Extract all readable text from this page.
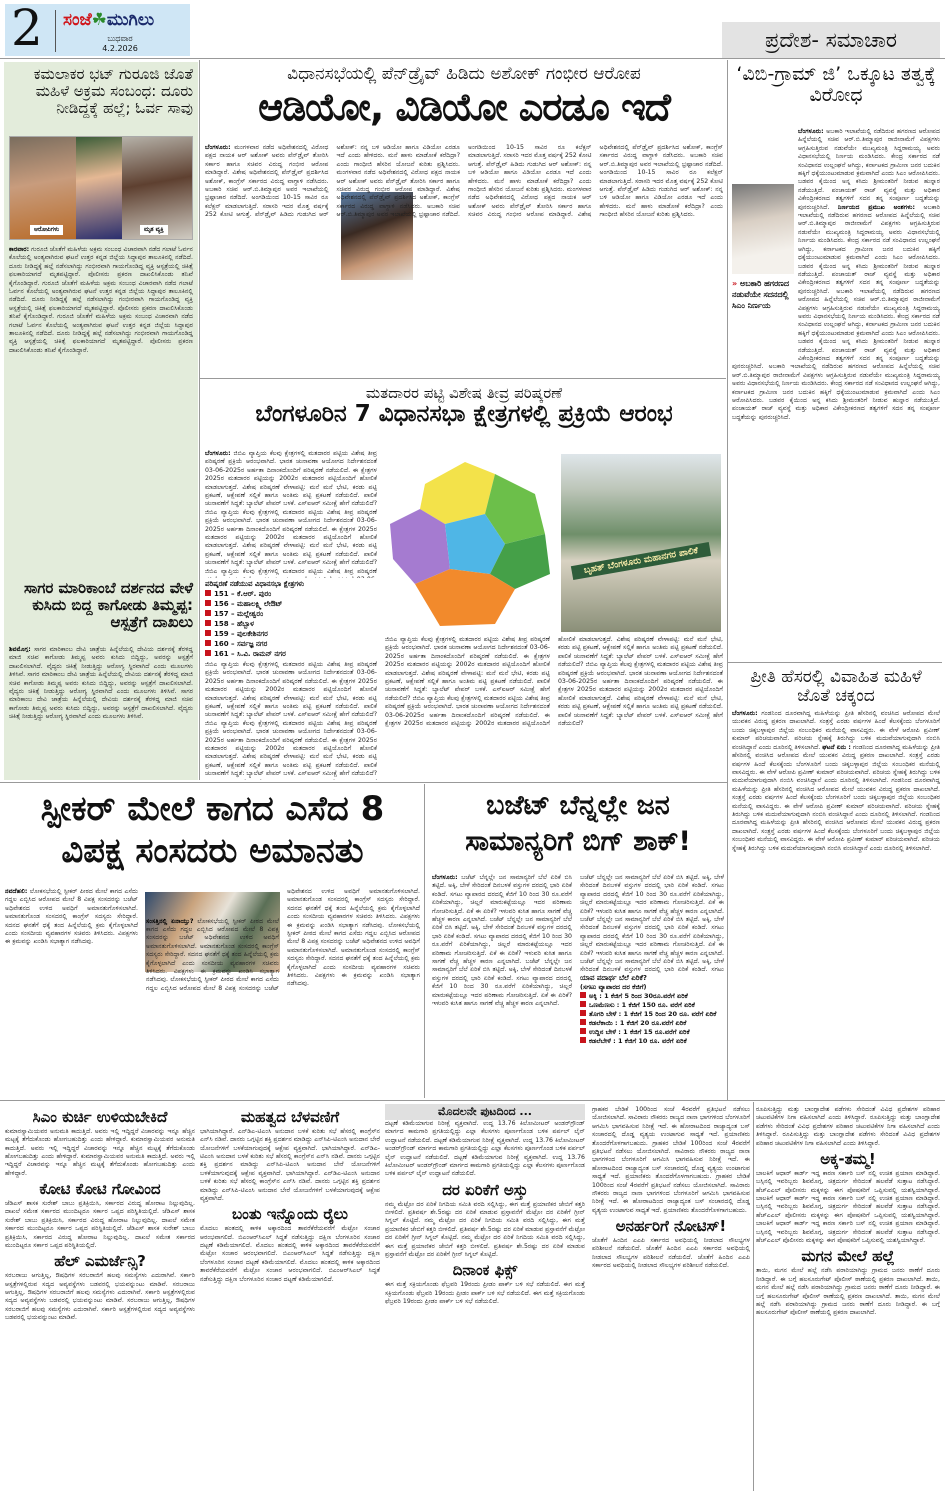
2 ಸಂಜೆ☘ಮುಗಿಲು
ಬುಧವಾರ
4.2.2026	ಪ್ರದೇಶ- ಸಮಾಚಾರ
ಕಮಲಾಕರ ಭಟ್ ಗುರೂಜಿ ಜೊತೆ ಮಹಿಳೆ ಅಕ್ರಮ ಸಂಬಂಧ: ದೂರು ನೀಡಿದ್ದಕ್ಕೆ ಹಲ್ಲೆ; ಓರ್ವ ಸಾವು
ಆರೋಪಿಗಳು	ಮೃತ ವ್ಯಕ್ತಿ
ಕಾರವಾರ: ಗುರೂಜಿ ಜೊತೆಗೆ ಮಹಿಳೆಯ ಅಕ್ರಮ ಸಂಬಂಧ ವಿಚಾರವಾಗಿ ನಡೆದ ಗಲಾಟೆ ಓರ್ವನ ಕೊಲೆಯಲ್ಲಿ ಅಂತ್ಯವಾಗಿರುವ ಘಟನೆ ಉತ್ತರ ಕನ್ನಡ ಜಿಲ್ಲೆಯ ಸಿದ್ದಾಪುರ ತಾಲೂಕಿನಲ್ಲಿ ನಡೆದಿದೆ. ದೂರು ನೀಡಿದ್ದಕ್ಕೆ ಹಲ್ಲೆ ನಡೆಸಲಾಗಿದ್ದು ಗಂಭೀರವಾಗಿ ಗಾಯಗೊಂಡಿದ್ದ ವ್ಯಕ್ತಿ ಆಸ್ಪತ್ರೆಯಲ್ಲಿ ಚಿಕಿತ್ಸೆ ಫಲಕಾರಿಯಾಗದೆ ಮೃತಪಟ್ಟಿದ್ದಾರೆ. ಪೊಲೀಸರು ಪ್ರಕರಣ ದಾಖಲಿಸಿಕೊಂಡು ತನಿಖೆ ಕೈಗೊಂಡಿದ್ದಾರೆ. ಗುರೂಜಿ ಜೊತೆಗೆ ಮಹಿಳೆಯ ಅಕ್ರಮ ಸಂಬಂಧ ವಿಚಾರವಾಗಿ ನಡೆದ ಗಲಾಟೆ ಓರ್ವನ ಕೊಲೆಯಲ್ಲಿ ಅಂತ್ಯವಾಗಿರುವ ಘಟನೆ ಉತ್ತರ ಕನ್ನಡ ಜಿಲ್ಲೆಯ ಸಿದ್ದಾಪುರ ತಾಲೂಕಿನಲ್ಲಿ ನಡೆದಿದೆ. ದೂರು ನೀಡಿದ್ದಕ್ಕೆ ಹಲ್ಲೆ ನಡೆಸಲಾಗಿದ್ದು ಗಂಭೀರವಾಗಿ ಗಾಯಗೊಂಡಿದ್ದ ವ್ಯಕ್ತಿ ಆಸ್ಪತ್ರೆಯಲ್ಲಿ ಚಿಕಿತ್ಸೆ ಫಲಕಾರಿಯಾಗದೆ ಮೃತಪಟ್ಟಿದ್ದಾರೆ. ಪೊಲೀಸರು ಪ್ರಕರಣ ದಾಖಲಿಸಿಕೊಂಡು ತನಿಖೆ ಕೈಗೊಂಡಿದ್ದಾರೆ. ಗುರೂಜಿ ಜೊತೆಗೆ ಮಹಿಳೆಯ ಅಕ್ರಮ ಸಂಬಂಧ ವಿಚಾರವಾಗಿ ನಡೆದ ಗಲಾಟೆ ಓರ್ವನ ಕೊಲೆಯಲ್ಲಿ ಅಂತ್ಯವಾಗಿರುವ ಘಟನೆ ಉತ್ತರ ಕನ್ನಡ ಜಿಲ್ಲೆಯ ಸಿದ್ದಾಪುರ ತಾಲೂಕಿನಲ್ಲಿ ನಡೆದಿದೆ. ದೂರು ನೀಡಿದ್ದಕ್ಕೆ ಹಲ್ಲೆ ನಡೆಸಲಾಗಿದ್ದು ಗಂಭೀರವಾಗಿ ಗಾಯಗೊಂಡಿದ್ದ ವ್ಯಕ್ತಿ ಆಸ್ಪತ್ರೆಯಲ್ಲಿ ಚಿಕಿತ್ಸೆ ಫಲಕಾರಿಯಾಗದೆ ಮೃತಪಟ್ಟಿದ್ದಾರೆ. ಪೊಲೀಸರು ಪ್ರಕರಣ ದಾಖಲಿಸಿಕೊಂಡು ತನಿಖೆ ಕೈಗೊಂಡಿದ್ದಾರೆ.
ಸಾಗರ ಮಾರಿಕಾಂಬೆ ದರ್ಶನದ ವೇಳೆ ಕುಸಿದು ಬಿದ್ದ ಕಾಗೋಡು ತಿಮ್ಮಪ್ಪ: ಆಸ್ಪತ್ರೆಗೆ ದಾಖಲು
ಶಿವಮೊಗ್ಗ: ಸಾಗರ ಮಾರಿಕಾಂಬ ದೇವಿ ಜಾತ್ರೆಯ ಹಿನ್ನೆಲೆಯಲ್ಲಿ ದೇವಿಯ ದರ್ಶನಕ್ಕೆ ತೆರಳಿದ್ದ ಮಾಜಿ ಸಚಿವ ಕಾಗೋಡು ತಿಮ್ಮಪ್ಪ ಅವರು ಕುಸಿದು ಬಿದ್ದಿದ್ದು, ಅವರನ್ನು ಆಸ್ಪತ್ರೆಗೆ ದಾಖಲಿಸಲಾಗಿದೆ. ವೈದ್ಯರು ಚಿಕಿತ್ಸೆ ನೀಡುತ್ತಿದ್ದು ಆರೋಗ್ಯ ಸ್ಥಿರವಾಗಿದೆ ಎಂದು ಮೂಲಗಳು ತಿಳಿಸಿವೆ. ಸಾಗರ ಮಾರಿಕಾಂಬ ದೇವಿ ಜಾತ್ರೆಯ ಹಿನ್ನೆಲೆಯಲ್ಲಿ ದೇವಿಯ ದರ್ಶನಕ್ಕೆ ತೆರಳಿದ್ದ ಮಾಜಿ ಸಚಿವ ಕಾಗೋಡು ತಿಮ್ಮಪ್ಪ ಅವರು ಕುಸಿದು ಬಿದ್ದಿದ್ದು, ಅವರನ್ನು ಆಸ್ಪತ್ರೆಗೆ ದಾಖಲಿಸಲಾಗಿದೆ. ವೈದ್ಯರು ಚಿಕಿತ್ಸೆ ನೀಡುತ್ತಿದ್ದು ಆರೋಗ್ಯ ಸ್ಥಿರವಾಗಿದೆ ಎಂದು ಮೂಲಗಳು ತಿಳಿಸಿವೆ. ಸಾಗರ ಮಾರಿಕಾಂಬ ದೇವಿ ಜಾತ್ರೆಯ ಹಿನ್ನೆಲೆಯಲ್ಲಿ ದೇವಿಯ ದರ್ಶನಕ್ಕೆ ತೆರಳಿದ್ದ ಮಾಜಿ ಸಚಿವ ಕಾಗೋಡು ತಿಮ್ಮಪ್ಪ ಅವರು ಕುಸಿದು ಬಿದ್ದಿದ್ದು, ಅವರನ್ನು ಆಸ್ಪತ್ರೆಗೆ ದಾಖಲಿಸಲಾಗಿದೆ. ವೈದ್ಯರು ಚಿಕಿತ್ಸೆ ನೀಡುತ್ತಿದ್ದು ಆರೋಗ್ಯ ಸ್ಥಿರವಾಗಿದೆ ಎಂದು ಮೂಲಗಳು ತಿಳಿಸಿವೆ.
ವಿಧಾನಸಭೆಯಲ್ಲಿ ಪೆನ್‌ಡ್ರೈವ್ ಹಿಡಿದು ಅಶೋಕ್ ಗಂಭೀರ ಆರೋಪ
ಆಡಿಯೋ, ವಿಡಿಯೋ ಎರಡೂ ಇದೆ
ಬೆಂಗಳೂರು: ಮಂಗಳವಾರ ನಡೆದ ಅಧಿವೇಶನದಲ್ಲಿ ವಿರೋಧ ಪಕ್ಷದ ನಾಯಕ ಆರ್ ಅಶೋಕ್ ಅವರು ಪೆನ್‌ಡ್ರೈವ್ ತೋರಿಸಿ ಸರ್ಕಾರ ಹಾಗೂ ಸಚಿವರ ವಿರುದ್ಧ ಗಂಭೀರ ಆರೋಪ ಮಾಡಿದ್ದಾರೆ. ವಿಶೇಷ ಅಧಿವೇಶನದಲ್ಲಿ ಪೆನ್‌ಡ್ರೈವ್ ಪ್ರದರ್ಶಿಸಿದ ಅಶೋಕ್, ಕಾಂಗ್ರೆಸ್ ಸರ್ಕಾರದ ವಿರುದ್ಧ ವಾಗ್ದಾಳಿ ನಡೆಸಿದರು. ಅಬಕಾರಿ ಸಚಿವ ಆರ್.ಬಿ.ತಿಮ್ಮಾಪುರ ಅವರ ಇಲಾಖೆಯಲ್ಲಿ ಭ್ರಷ್ಟಾಚಾರ ನಡೆದಿದೆ. ಅಂಗಡಿಯಿಂದ 10-15 ಸಾವಿರ ರೂ ಕಲೆಕ್ಷನ್ ಮಾಡಲಾಗುತ್ತಿದೆ. ಸರಾಸರಿ ಇದರ ಮೊತ್ತ ವರ್ಷಕ್ಕೆ 252 ಕೋಟಿ ಆಗುತ್ತೆ. ಪೆನ್‌ಡ್ರೈವ್ ಹಿಡಿದು ಗುಡುಗಿದ ಆರ್ ಅಶೋಕ್: ನನ್ನ ಬಳಿ ಆಡಿಯೋ ಹಾಗೂ ವಿಡಿಯೋ ಎರಡೂ ಇದೆ ಎಂದು ಹೇಳಿದರು. ಮನೆ ಹಾಳು ಮಾಡೋಕೆ ಕರೆದಿದ್ರಾ? ಎಂದು ಗಾಂಧೀಜಿ ಹೆಸರಿನ ಯೋಜನೆ ಕುರಿತು ಪ್ರಶ್ನಿಸಿದರು. ಮಂಗಳವಾರ ನಡೆದ ಅಧಿವೇಶನದಲ್ಲಿ ವಿರೋಧ ಪಕ್ಷದ ನಾಯಕ ಆರ್ ಅಶೋಕ್ ಅವರು ಪೆನ್‌ಡ್ರೈವ್ ತೋರಿಸಿ ಸರ್ಕಾರ ಹಾಗೂ ಸಚಿವರ ವಿರುದ್ಧ ಗಂಭೀರ ಆರೋಪ ಮಾಡಿದ್ದಾರೆ. ವಿಶೇಷ ಅಧಿವೇಶನದಲ್ಲಿ ಪೆನ್‌ಡ್ರೈವ್ ಪ್ರದರ್ಶಿಸಿದ ಅಶೋಕ್, ಕಾಂಗ್ರೆಸ್ ಸರ್ಕಾರದ ವಿರುದ್ಧ ವಾಗ್ದಾಳಿ ನಡೆಸಿದರು. ಅಬಕಾರಿ ಸಚಿವ ಆರ್.ಬಿ.ತಿಮ್ಮಾಪುರ ಅವರ ಇಲಾಖೆಯಲ್ಲಿ ಭ್ರಷ್ಟಾಚಾರ ನಡೆದಿದೆ. ಅಂಗಡಿಯಿಂದ 10-15 ಸಾವಿರ ರೂ ಕಲೆಕ್ಷನ್ ಮಾಡಲಾಗುತ್ತಿದೆ. ಸರಾಸರಿ ಇದರ ಮೊತ್ತ ವರ್ಷಕ್ಕೆ 252 ಕೋಟಿ ಆಗುತ್ತೆ. ಪೆನ್‌ಡ್ರೈವ್ ಹಿಡಿದು ಗುಡುಗಿದ ಆರ್ ಅಶೋಕ್: ನನ್ನ ಬಳಿ ಆಡಿಯೋ ಹಾಗೂ ವಿಡಿಯೋ ಎರಡೂ ಇದೆ ಎಂದು ಹೇಳಿದರು. ಮನೆ ಹಾಳು ಮಾಡೋಕೆ ಕರೆದಿದ್ರಾ? ಎಂದು ಗಾಂಧೀಜಿ ಹೆಸರಿನ ಯೋಜನೆ ಕುರಿತು ಪ್ರಶ್ನಿಸಿದರು. ಮಂಗಳವಾರ ನಡೆದ ಅಧಿವೇಶನದಲ್ಲಿ ವಿರೋಧ ಪಕ್ಷದ ನಾಯಕ ಆರ್ ಅಶೋಕ್ ಅವರು ಪೆನ್‌ಡ್ರೈವ್ ತೋರಿಸಿ ಸರ್ಕಾರ ಹಾಗೂ ಸಚಿವರ ವಿರುದ್ಧ ಗಂಭೀರ ಆರೋಪ ಮಾಡಿದ್ದಾರೆ. ವಿಶೇಷ ಅಧಿವೇಶನದಲ್ಲಿ ಪೆನ್‌ಡ್ರೈವ್ ಪ್ರದರ್ಶಿಸಿದ ಅಶೋಕ್, ಕಾಂಗ್ರೆಸ್ ಸರ್ಕಾರದ ವಿರುದ್ಧ ವಾಗ್ದಾಳಿ ನಡೆಸಿದರು. ಅಬಕಾರಿ ಸಚಿವ ಆರ್.ಬಿ.ತಿಮ್ಮಾಪುರ ಅವರ ಇಲಾಖೆಯಲ್ಲಿ ಭ್ರಷ್ಟಾಚಾರ ನಡೆದಿದೆ. ಅಂಗಡಿಯಿಂದ 10-15 ಸಾವಿರ ರೂ ಕಲೆಕ್ಷನ್ ಮಾಡಲಾಗುತ್ತಿದೆ. ಸರಾಸರಿ ಇದರ ಮೊತ್ತ ವರ್ಷಕ್ಕೆ 252 ಕೋಟಿ ಆಗುತ್ತೆ. ಪೆನ್‌ಡ್ರೈವ್ ಹಿಡಿದು ಗುಡುಗಿದ ಆರ್ ಅಶೋಕ್: ನನ್ನ ಬಳಿ ಆಡಿಯೋ ಹಾಗೂ ವಿಡಿಯೋ ಎರಡೂ ಇದೆ ಎಂದು ಹೇಳಿದರು. ಮನೆ ಹಾಳು ಮಾಡೋಕೆ ಕರೆದಿದ್ರಾ? ಎಂದು ಗಾಂಧೀಜಿ ಹೆಸರಿನ ಯೋಜನೆ ಕುರಿತು ಪ್ರಶ್ನಿಸಿದರು.
‘ವಿಬಿ-ಗ್ರಾಮ್ ಜಿ’ ಒಕ್ಕೂಟ ತತ್ವಕ್ಕೆ ವಿರೋಧ
» ಅಬಕಾರಿ ಹಗರಣದ ನಡುವೆಯೇ ಸದನದಲ್ಲಿ ಸಿಎಂ ನಿರ್ಣಯ
ಬೆಂಗಳೂರು: ಅಬಕಾರಿ ಇಲಾಖೆಯಲ್ಲಿ ನಡೆದಿರುವ ಹಗರಣದ ಆರೋಪದ ಹಿನ್ನೆಲೆಯಲ್ಲಿ ಸಚಿವ ಆರ್.ಬಿ.ತಿಮ್ಮಾಪುರ ರಾಜೀನಾಮೆಗೆ ವಿಪಕ್ಷಗಳು ಆಗ್ರಹಿಸುತ್ತಿರುವ ನಡುವೆಯೇ ಮುಖ್ಯಮಂತ್ರಿ ಸಿದ್ದರಾಮಯ್ಯ ಅವರು ವಿಧಾನಸಭೆಯಲ್ಲಿ ನಿರ್ಣಯ ಮಂಡಿಸಿದರು. ಕೇಂದ್ರ ಸರ್ಕಾರದ ನಡೆ ಸಂವಿಧಾನದ ಉಲ್ಲಂಘನೆ ಆಗಿದ್ದು, ಕರ್ನಾಟಕದ ಗ್ರಾಮೀಣ ಜನರ ಬದುಕಿನ ಹಕ್ಕಿಗೆ ಧಕ್ಕೆಯುಂಟುಮಾಡುವ ಕ್ರಮವಾಗಿದೆ ಎಂದು ಸಿಎಂ ಆರೋಪಿಸಿದರು. ಬಡವರ ಕೈಯಿಂದ ಅನ್ನ ಕಸಿದು ಶ್ರೀಮಂತರಿಗೆ ನೀಡುವ ಹುನ್ನಾರ ನಡೆಯುತ್ತಿದೆ. ಪಂಚಾಯತ್ ರಾಜ್ ವ್ಯವಸ್ಥೆ ಮತ್ತು ಅಧಿಕಾರ ವಿಕೇಂದ್ರೀಕರಣದ ತತ್ವಗಳಿಗೆ ಸದನ ತನ್ನ ಸಂಪೂರ್ಣ ಬದ್ಧತೆಯನ್ನು ಪುನರುಚ್ಚರಿಸಿದೆ. ನಿರ್ಣಯದ ಪ್ರಮುಖ ಅಂಶಗಳು: ಅಬಕಾರಿ ಇಲಾಖೆಯಲ್ಲಿ ನಡೆದಿರುವ ಹಗರಣದ ಆರೋಪದ ಹಿನ್ನೆಲೆಯಲ್ಲಿ ಸಚಿವ ಆರ್.ಬಿ.ತಿಮ್ಮಾಪುರ ರಾಜೀನಾಮೆಗೆ ವಿಪಕ್ಷಗಳು ಆಗ್ರಹಿಸುತ್ತಿರುವ ನಡುವೆಯೇ ಮುಖ್ಯಮಂತ್ರಿ ಸಿದ್ದರಾಮಯ್ಯ ಅವರು ವಿಧಾನಸಭೆಯಲ್ಲಿ ನಿರ್ಣಯ ಮಂಡಿಸಿದರು. ಕೇಂದ್ರ ಸರ್ಕಾರದ ನಡೆ ಸಂವಿಧಾನದ ಉಲ್ಲಂಘನೆ ಆಗಿದ್ದು, ಕರ್ನಾಟಕದ ಗ್ರಾಮೀಣ ಜನರ ಬದುಕಿನ ಹಕ್ಕಿಗೆ ಧಕ್ಕೆಯುಂಟುಮಾಡುವ ಕ್ರಮವಾಗಿದೆ ಎಂದು ಸಿಎಂ ಆರೋಪಿಸಿದರು. ಬಡವರ ಕೈಯಿಂದ ಅನ್ನ ಕಸಿದು ಶ್ರೀಮಂತರಿಗೆ ನೀಡುವ ಹುನ್ನಾರ ನಡೆಯುತ್ತಿದೆ. ಪಂಚಾಯತ್ ರಾಜ್ ವ್ಯವಸ್ಥೆ ಮತ್ತು ಅಧಿಕಾರ ವಿಕೇಂದ್ರೀಕರಣದ ತತ್ವಗಳಿಗೆ ಸದನ ತನ್ನ ಸಂಪೂರ್ಣ ಬದ್ಧತೆಯನ್ನು ಪುನರುಚ್ಚರಿಸಿದೆ. ಅಬಕಾರಿ ಇಲಾಖೆಯಲ್ಲಿ ನಡೆದಿರುವ ಹಗರಣದ ಆರೋಪದ ಹಿನ್ನೆಲೆಯಲ್ಲಿ ಸಚಿವ ಆರ್.ಬಿ.ತಿಮ್ಮಾಪುರ ರಾಜೀನಾಮೆಗೆ ವಿಪಕ್ಷಗಳು ಆಗ್ರಹಿಸುತ್ತಿರುವ ನಡುವೆಯೇ ಮುಖ್ಯಮಂತ್ರಿ ಸಿದ್ದರಾಮಯ್ಯ ಅವರು ವಿಧಾನಸಭೆಯಲ್ಲಿ ನಿರ್ಣಯ ಮಂಡಿಸಿದರು. ಕೇಂದ್ರ ಸರ್ಕಾರದ ನಡೆ ಸಂವಿಧಾನದ ಉಲ್ಲಂಘನೆ ಆಗಿದ್ದು, ಕರ್ನಾಟಕದ ಗ್ರಾಮೀಣ ಜನರ ಬದುಕಿನ ಹಕ್ಕಿಗೆ ಧಕ್ಕೆಯುಂಟುಮಾಡುವ ಕ್ರಮವಾಗಿದೆ ಎಂದು ಸಿಎಂ ಆರೋಪಿಸಿದರು. ಬಡವರ ಕೈಯಿಂದ ಅನ್ನ ಕಸಿದು ಶ್ರೀಮಂತರಿಗೆ ನೀಡುವ ಹುನ್ನಾರ ನಡೆಯುತ್ತಿದೆ. ಪಂಚಾಯತ್ ರಾಜ್ ವ್ಯವಸ್ಥೆ ಮತ್ತು ಅಧಿಕಾರ ವಿಕೇಂದ್ರೀಕರಣದ ತತ್ವಗಳಿಗೆ ಸದನ ತನ್ನ ಸಂಪೂರ್ಣ ಬದ್ಧತೆಯನ್ನು ಪುನರುಚ್ಚರಿಸಿದೆ. ಅಬಕಾರಿ ಇಲಾಖೆಯಲ್ಲಿ ನಡೆದಿರುವ ಹಗರಣದ ಆರೋಪದ ಹಿನ್ನೆಲೆಯಲ್ಲಿ ಸಚಿವ ಆರ್.ಬಿ.ತಿಮ್ಮಾಪುರ ರಾಜೀನಾಮೆಗೆ ವಿಪಕ್ಷಗಳು ಆಗ್ರಹಿಸುತ್ತಿರುವ ನಡುವೆಯೇ ಮುಖ್ಯಮಂತ್ರಿ ಸಿದ್ದರಾಮಯ್ಯ ಅವರು ವಿಧಾನಸಭೆಯಲ್ಲಿ ನಿರ್ಣಯ ಮಂಡಿಸಿದರು. ಕೇಂದ್ರ ಸರ್ಕಾರದ ನಡೆ ಸಂವಿಧಾನದ ಉಲ್ಲಂಘನೆ ಆಗಿದ್ದು, ಕರ್ನಾಟಕದ ಗ್ರಾಮೀಣ ಜನರ ಬದುಕಿನ ಹಕ್ಕಿಗೆ ಧಕ್ಕೆಯುಂಟುಮಾಡುವ ಕ್ರಮವಾಗಿದೆ ಎಂದು ಸಿಎಂ ಆರೋಪಿಸಿದರು. ಬಡವರ ಕೈಯಿಂದ ಅನ್ನ ಕಸಿದು ಶ್ರೀಮಂತರಿಗೆ ನೀಡುವ ಹುನ್ನಾರ ನಡೆಯುತ್ತಿದೆ. ಪಂಚಾಯತ್ ರಾಜ್ ವ್ಯವಸ್ಥೆ ಮತ್ತು ಅಧಿಕಾರ ವಿಕೇಂದ್ರೀಕರಣದ ತತ್ವಗಳಿಗೆ ಸದನ ತನ್ನ ಸಂಪೂರ್ಣ ಬದ್ಧತೆಯನ್ನು ಪುನರುಚ್ಚರಿಸಿದೆ.
ಪ್ರೀತಿ ಹೆಸರಲ್ಲಿ ವಿವಾಹಿತ ಮಹಿಳೆ ಜೊತೆ ಚಕ್ಕಂದ
ಬೆಂಗಳೂರು: ಗಂಡನಿಂದ ದೂರವಾಗಿದ್ದ ಮಹಿಳೆಯನ್ನು ಪ್ರೀತಿ ಹೆಸರಿನಲ್ಲಿ ವಂಚಿಸಿದ ಆರೋಪದ ಮೇಲೆ ಯುವಕನ ವಿರುದ್ಧ ಪ್ರಕರಣ ದಾಖಲಾಗಿದೆ. ಸಂತ್ರಸ್ತೆ ಎರಡು ವರ್ಷಗಳ ಹಿಂದೆ ಕೆಲಸಕ್ಕೆಂದು ಬೆಂಗಳೂರಿಗೆ ಬಂದು ಚಿಕ್ಕಬಳ್ಳಾಪುರ ಜಿಲ್ಲೆಯ ಸಂಬಂಧಿಕರ ಮನೆಯಲ್ಲಿ ವಾಸವಿದ್ದರು. ಈ ವೇಳೆ ಆರೋಪಿ ಪ್ರವೀಣ್ ಕುಮಾರ್ ಪರಿಚಯವಾಗಿದೆ. ಪರಿಚಯ ಸ್ನೇಹಕ್ಕೆ ತಿರುಗಿದ್ದು ಬಳಿಕ ಮದುವೆಯಾಗುವುದಾಗಿ ನಂಬಿಸಿ ವಂಚಿಸಿದ್ದಾನೆ ಎಂದು ದೂರಿನಲ್ಲಿ ತಿಳಿಸಲಾಗಿದೆ. ಘಟನೆ ಏನು : ಗಂಡನಿಂದ ದೂರವಾಗಿದ್ದ ಮಹಿಳೆಯನ್ನು ಪ್ರೀತಿ ಹೆಸರಿನಲ್ಲಿ ವಂಚಿಸಿದ ಆರೋಪದ ಮೇಲೆ ಯುವಕನ ವಿರುದ್ಧ ಪ್ರಕರಣ ದಾಖಲಾಗಿದೆ. ಸಂತ್ರಸ್ತೆ ಎರಡು ವರ್ಷಗಳ ಹಿಂದೆ ಕೆಲಸಕ್ಕೆಂದು ಬೆಂಗಳೂರಿಗೆ ಬಂದು ಚಿಕ್ಕಬಳ್ಳಾಪುರ ಜಿಲ್ಲೆಯ ಸಂಬಂಧಿಕರ ಮನೆಯಲ್ಲಿ ವಾಸವಿದ್ದರು. ಈ ವೇಳೆ ಆರೋಪಿ ಪ್ರವೀಣ್ ಕುಮಾರ್ ಪರಿಚಯವಾಗಿದೆ. ಪರಿಚಯ ಸ್ನೇಹಕ್ಕೆ ತಿರುಗಿದ್ದು ಬಳಿಕ ಮದುವೆಯಾಗುವುದಾಗಿ ನಂಬಿಸಿ ವಂಚಿಸಿದ್ದಾನೆ ಎಂದು ದೂರಿನಲ್ಲಿ ತಿಳಿಸಲಾಗಿದೆ. ಗಂಡನಿಂದ ದೂರವಾಗಿದ್ದ ಮಹಿಳೆಯನ್ನು ಪ್ರೀತಿ ಹೆಸರಿನಲ್ಲಿ ವಂಚಿಸಿದ ಆರೋಪದ ಮೇಲೆ ಯುವಕನ ವಿರುದ್ಧ ಪ್ರಕರಣ ದಾಖಲಾಗಿದೆ. ಸಂತ್ರಸ್ತೆ ಎರಡು ವರ್ಷಗಳ ಹಿಂದೆ ಕೆಲಸಕ್ಕೆಂದು ಬೆಂಗಳೂರಿಗೆ ಬಂದು ಚಿಕ್ಕಬಳ್ಳಾಪುರ ಜಿಲ್ಲೆಯ ಸಂಬಂಧಿಕರ ಮನೆಯಲ್ಲಿ ವಾಸವಿದ್ದರು. ಈ ವೇಳೆ ಆರೋಪಿ ಪ್ರವೀಣ್ ಕುಮಾರ್ ಪರಿಚಯವಾಗಿದೆ. ಪರಿಚಯ ಸ್ನೇಹಕ್ಕೆ ತಿರುಗಿದ್ದು ಬಳಿಕ ಮದುವೆಯಾಗುವುದಾಗಿ ನಂಬಿಸಿ ವಂಚಿಸಿದ್ದಾನೆ ಎಂದು ದೂರಿನಲ್ಲಿ ತಿಳಿಸಲಾಗಿದೆ. ಗಂಡನಿಂದ ದೂರವಾಗಿದ್ದ ಮಹಿಳೆಯನ್ನು ಪ್ರೀತಿ ಹೆಸರಿನಲ್ಲಿ ವಂಚಿಸಿದ ಆರೋಪದ ಮೇಲೆ ಯುವಕನ ವಿರುದ್ಧ ಪ್ರಕರಣ ದಾಖಲಾಗಿದೆ. ಸಂತ್ರಸ್ತೆ ಎರಡು ವರ್ಷಗಳ ಹಿಂದೆ ಕೆಲಸಕ್ಕೆಂದು ಬೆಂಗಳೂರಿಗೆ ಬಂದು ಚಿಕ್ಕಬಳ್ಳಾಪುರ ಜಿಲ್ಲೆಯ ಸಂಬಂಧಿಕರ ಮನೆಯಲ್ಲಿ ವಾಸವಿದ್ದರು. ಈ ವೇಳೆ ಆರೋಪಿ ಪ್ರವೀಣ್ ಕುಮಾರ್ ಪರಿಚಯವಾಗಿದೆ. ಪರಿಚಯ ಸ್ನೇಹಕ್ಕೆ ತಿರುಗಿದ್ದು ಬಳಿಕ ಮದುವೆಯಾಗುವುದಾಗಿ ನಂಬಿಸಿ ವಂಚಿಸಿದ್ದಾನೆ ಎಂದು ದೂರಿನಲ್ಲಿ ತಿಳಿಸಲಾಗಿದೆ.
ಮತದಾರರ ಪಟ್ಟಿ ವಿಶೇಷ ತೀವ್ರ ಪರಿಷ್ಕರಣೆ
ಬೆಂಗಳೂರಿನ 7 ವಿಧಾನಸಭಾ ಕ್ಷೇತ್ರಗಳಲ್ಲಿ ಪ್ರಕ್ರಿಯೆ ಆರಂಭ
ಬೆಂಗಳೂರು: ಜಿಬಿಎ ವ್ಯಾಪ್ತಿಯ ಕೆಲವು ಕ್ಷೇತ್ರಗಳಲ್ಲಿ ಮತದಾರರ ಪಟ್ಟಿಯ ವಿಶೇಷ ತೀವ್ರ ಪರಿಷ್ಕರಣೆ ಪ್ರಕ್ರಿಯೆ ಆರಂಭವಾಗಿದೆ. ಭಾರತ ಚುನಾವಣಾ ಆಯೋಗದ ನಿರ್ದೇಶನದಂತೆ 03-06-2025ರ ಅರ್ಹತಾ ದಿನಾಂಕದೊಂದಿಗೆ ಪರಿಷ್ಕರಣೆ ನಡೆಯಲಿದೆ. ಈ ಕ್ಷೇತ್ರಗಳ 2025ರ ಮತದಾರರ ಪಟ್ಟಿಯನ್ನು 2002ರ ಮತದಾರರ ಪಟ್ಟಿಯೊಂದಿಗೆ ಹೋಲಿಕೆ ಮಾಡಲಾಗುತ್ತದೆ. ವಿಶೇಷ ಪರಿಷ್ಕರಣೆ ವೇಳಾಪಟ್ಟಿ: ಮನೆ ಮನೆ ಭೇಟಿ, ಕರಡು ಪಟ್ಟಿ ಪ್ರಕಟಣೆ, ಆಕ್ಷೇಪಣೆ ಸಲ್ಲಿಕೆ ಹಾಗೂ ಅಂತಿಮ ಪಟ್ಟಿ ಪ್ರಕಟಣೆ ನಡೆಯಲಿದೆ. ಪಾಲಿಕೆ ಚುನಾವಣೆಗೆ ಸಿದ್ಧತೆ: ಬ್ಯಾಲೆಟ್ ಪೇಪರ್ ಬಳಕೆ. ಎಸ್‌ಐಆರ್ ಸಮೀಕ್ಷೆ ಹೇಗೆ ನಡೆಯಲಿದೆ? ಜಿಬಿಎ ವ್ಯಾಪ್ತಿಯ ಕೆಲವು ಕ್ಷೇತ್ರಗಳಲ್ಲಿ ಮತದಾರರ ಪಟ್ಟಿಯ ವಿಶೇಷ ತೀವ್ರ ಪರಿಷ್ಕರಣೆ ಪ್ರಕ್ರಿಯೆ ಆರಂಭವಾಗಿದೆ. ಭಾರತ ಚುನಾವಣಾ ಆಯೋಗದ ನಿರ್ದೇಶನದಂತೆ 03-06-2025ರ ಅರ್ಹತಾ ದಿನಾಂಕದೊಂದಿಗೆ ಪರಿಷ್ಕರಣೆ ನಡೆಯಲಿದೆ. ಈ ಕ್ಷೇತ್ರಗಳ 2025ರ ಮತದಾರರ ಪಟ್ಟಿಯನ್ನು 2002ರ ಮತದಾರರ ಪಟ್ಟಿಯೊಂದಿಗೆ ಹೋಲಿಕೆ ಮಾಡಲಾಗುತ್ತದೆ. ವಿಶೇಷ ಪರಿಷ್ಕರಣೆ ವೇಳಾಪಟ್ಟಿ: ಮನೆ ಮನೆ ಭೇಟಿ, ಕರಡು ಪಟ್ಟಿ ಪ್ರಕಟಣೆ, ಆಕ್ಷೇಪಣೆ ಸಲ್ಲಿಕೆ ಹಾಗೂ ಅಂತಿಮ ಪಟ್ಟಿ ಪ್ರಕಟಣೆ ನಡೆಯಲಿದೆ. ಪಾಲಿಕೆ ಚುನಾವಣೆಗೆ ಸಿದ್ಧತೆ: ಬ್ಯಾಲೆಟ್ ಪೇಪರ್ ಬಳಕೆ. ಎಸ್‌ಐಆರ್ ಸಮೀಕ್ಷೆ ಹೇಗೆ ನಡೆಯಲಿದೆ? ಜಿಬಿಎ ವ್ಯಾಪ್ತಿಯ ಕೆಲವು ಕ್ಷೇತ್ರಗಳಲ್ಲಿ ಮತದಾರರ ಪಟ್ಟಿಯ ವಿಶೇಷ ತೀವ್ರ ಪರಿಷ್ಕರಣೆ
ಪರಿಷ್ಕರಣೆ ನಡೆಯುವ ವಿಧಾನಸಭಾ ಕ್ಷೇತ್ರಗಳು
151 – ಕೆ.ಆರ್. ಪುರಂ
156 – ಮಹಾಲಕ್ಷ್ಮಿ ಲೇಔಟ್
157 – ಮಲ್ಲೇಶ್ವರಂ
158 – ಹೆಬ್ಬಾಳ
159 – ಪುಲಕೇಶಿನಗರ
160 – ಸರ್ವಜ್ಞ ನಗರ
161 – ಸಿ.ವಿ. ರಾಮನ್ ನಗರ
ಜಿಬಿಎ ವ್ಯಾಪ್ತಿಯ ಕೆಲವು ಕ್ಷೇತ್ರಗಳಲ್ಲಿ ಮತದಾರರ ಪಟ್ಟಿಯ ವಿಶೇಷ ತೀವ್ರ ಪರಿಷ್ಕರಣೆ ಪ್ರಕ್ರಿಯೆ ಆರಂಭವಾಗಿದೆ. ಭಾರತ ಚುನಾವಣಾ ಆಯೋಗದ ನಿರ್ದೇಶನದಂತೆ 03-06-2025ರ ಅರ್ಹತಾ ದಿನಾಂಕದೊಂದಿಗೆ ಪರಿಷ್ಕರಣೆ ನಡೆಯಲಿದೆ. ಈ ಕ್ಷೇತ್ರಗಳ 2025ರ ಮತದಾರರ ಪಟ್ಟಿಯನ್ನು 2002ರ ಮತದಾರರ ಪಟ್ಟಿಯೊಂದಿಗೆ ಹೋಲಿಕೆ ಮಾಡಲಾಗುತ್ತದೆ. ವಿಶೇಷ ಪರಿಷ್ಕರಣೆ ವೇಳಾಪಟ್ಟಿ: ಮನೆ ಮನೆ ಭೇಟಿ, ಕರಡು ಪಟ್ಟಿ ಪ್ರಕಟಣೆ, ಆಕ್ಷೇಪಣೆ ಸಲ್ಲಿಕೆ ಹಾಗೂ ಅಂತಿಮ ಪಟ್ಟಿ ಪ್ರಕಟಣೆ ನಡೆಯಲಿದೆ. ಪಾಲಿಕೆ ಚುನಾವಣೆಗೆ ಸಿದ್ಧತೆ: ಬ್ಯಾಲೆಟ್ ಪೇಪರ್ ಬಳಕೆ. ಎಸ್‌ಐಆರ್ ಸಮೀಕ್ಷೆ ಹೇಗೆ ನಡೆಯಲಿದೆ? ಜಿಬಿಎ ವ್ಯಾಪ್ತಿಯ ಕೆಲವು ಕ್ಷೇತ್ರಗಳಲ್ಲಿ ಮತದಾರರ ಪಟ್ಟಿಯ ವಿಶೇಷ ತೀವ್ರ ಪರಿಷ್ಕರಣೆ ಪ್ರಕ್ರಿಯೆ ಆರಂಭವಾಗಿದೆ. ಭಾರತ ಚುನಾವಣಾ ಆಯೋಗದ ನಿರ್ದೇಶನದಂತೆ 03-06-2025ರ ಅರ್ಹತಾ ದಿನಾಂಕದೊಂದಿಗೆ ಪರಿಷ್ಕರಣೆ ನಡೆಯಲಿದೆ. ಈ ಕ್ಷೇತ್ರಗಳ 2025ರ ಮತದಾರರ ಪಟ್ಟಿಯನ್ನು 2002ರ ಮತದಾರರ ಪಟ್ಟಿಯೊಂದಿಗೆ ಹೋಲಿಕೆ ಮಾಡಲಾಗುತ್ತದೆ. ವಿಶೇಷ ಪರಿಷ್ಕರಣೆ ವೇಳಾಪಟ್ಟಿ: ಮನೆ ಮನೆ ಭೇಟಿ, ಕರಡು ಪಟ್ಟಿ ಪ್ರಕಟಣೆ, ಆಕ್ಷೇಪಣೆ ಸಲ್ಲಿಕೆ ಹಾಗೂ ಅಂತಿಮ ಪಟ್ಟಿ ಪ್ರಕಟಣೆ ನಡೆಯಲಿದೆ. ಪಾಲಿಕೆ ಚುನಾವಣೆಗೆ ಸಿದ್ಧತೆ: ಬ್ಯಾಲೆಟ್ ಪೇಪರ್ ಬಳಕೆ. ಎಸ್‌ಐಆರ್ ಸಮೀಕ್ಷೆ ಹೇಗೆ ನಡೆಯಲಿದೆ?
ಬೃಹತ್ ಬೆಂಗಳೂರು ಮಹಾನಗರ ಪಾಲಿಕೆ
ಜಿಬಿಎ ವ್ಯಾಪ್ತಿಯ ಕೆಲವು ಕ್ಷೇತ್ರಗಳಲ್ಲಿ ಮತದಾರರ ಪಟ್ಟಿಯ ವಿಶೇಷ ತೀವ್ರ ಪರಿಷ್ಕರಣೆ ಪ್ರಕ್ರಿಯೆ ಆರಂಭವಾಗಿದೆ. ಭಾರತ ಚುನಾವಣಾ ಆಯೋಗದ ನಿರ್ದೇಶನದಂತೆ 03-06-2025ರ ಅರ್ಹತಾ ದಿನಾಂಕದೊಂದಿಗೆ ಪರಿಷ್ಕರಣೆ ನಡೆಯಲಿದೆ. ಈ ಕ್ಷೇತ್ರಗಳ 2025ರ ಮತದಾರರ ಪಟ್ಟಿಯನ್ನು 2002ರ ಮತದಾರರ ಪಟ್ಟಿಯೊಂದಿಗೆ ಹೋಲಿಕೆ ಮಾಡಲಾಗುತ್ತದೆ. ವಿಶೇಷ ಪರಿಷ್ಕರಣೆ ವೇಳಾಪಟ್ಟಿ: ಮನೆ ಮನೆ ಭೇಟಿ, ಕರಡು ಪಟ್ಟಿ ಪ್ರಕಟಣೆ, ಆಕ್ಷೇಪಣೆ ಸಲ್ಲಿಕೆ ಹಾಗೂ ಅಂತಿಮ ಪಟ್ಟಿ ಪ್ರಕಟಣೆ ನಡೆಯಲಿದೆ. ಪಾಲಿಕೆ ಚುನಾವಣೆಗೆ ಸಿದ್ಧತೆ: ಬ್ಯಾಲೆಟ್ ಪೇಪರ್ ಬಳಕೆ. ಎಸ್‌ಐಆರ್ ಸಮೀಕ್ಷೆ ಹೇಗೆ ನಡೆಯಲಿದೆ? ಜಿಬಿಎ ವ್ಯಾಪ್ತಿಯ ಕೆಲವು ಕ್ಷೇತ್ರಗಳಲ್ಲಿ ಮತದಾರರ ಪಟ್ಟಿಯ ವಿಶೇಷ ತೀವ್ರ ಪರಿಷ್ಕರಣೆ ಪ್ರಕ್ರಿಯೆ ಆರಂಭವಾಗಿದೆ. ಭಾರತ ಚುನಾವಣಾ ಆಯೋಗದ ನಿರ್ದೇಶನದಂತೆ 03-06-2025ರ ಅರ್ಹತಾ ದಿನಾಂಕದೊಂದಿಗೆ ಪರಿಷ್ಕರಣೆ ನಡೆಯಲಿದೆ. ಈ ಕ್ಷೇತ್ರಗಳ 2025ರ ಮತದಾರರ ಪಟ್ಟಿಯನ್ನು 2002ರ ಮತದಾರರ ಪಟ್ಟಿಯೊಂದಿಗೆ ಹೋಲಿಕೆ ಮಾಡಲಾಗುತ್ತದೆ. ವಿಶೇಷ ಪರಿಷ್ಕರಣೆ ವೇಳಾಪಟ್ಟಿ: ಮನೆ ಮನೆ ಭೇಟಿ, ಕರಡು ಪಟ್ಟಿ ಪ್ರಕಟಣೆ, ಆಕ್ಷೇಪಣೆ ಸಲ್ಲಿಕೆ ಹಾಗೂ ಅಂತಿಮ ಪಟ್ಟಿ ಪ್ರಕಟಣೆ ನಡೆಯಲಿದೆ. ಪಾಲಿಕೆ ಚುನಾವಣೆಗೆ ಸಿದ್ಧತೆ: ಬ್ಯಾಲೆಟ್ ಪೇಪರ್ ಬಳಕೆ. ಎಸ್‌ಐಆರ್ ಸಮೀಕ್ಷೆ ಹೇಗೆ ನಡೆಯಲಿದೆ? ಜಿಬಿಎ ವ್ಯಾಪ್ತಿಯ ಕೆಲವು ಕ್ಷೇತ್ರಗಳಲ್ಲಿ ಮತದಾರರ ಪಟ್ಟಿಯ ವಿಶೇಷ ತೀವ್ರ ಪರಿಷ್ಕರಣೆ ಪ್ರಕ್ರಿಯೆ ಆರಂಭವಾಗಿದೆ. ಭಾರತ ಚುನಾವಣಾ ಆಯೋಗದ ನಿರ್ದೇಶನದಂತೆ 03-06-2025ರ ಅರ್ಹತಾ ದಿನಾಂಕದೊಂದಿಗೆ ಪರಿಷ್ಕರಣೆ ನಡೆಯಲಿದೆ. ಈ ಕ್ಷೇತ್ರಗಳ 2025ರ ಮತದಾರರ ಪಟ್ಟಿಯನ್ನು 2002ರ ಮತದಾರರ ಪಟ್ಟಿಯೊಂದಿಗೆ ಹೋಲಿಕೆ ಮಾಡಲಾಗುತ್ತದೆ. ವಿಶೇಷ ಪರಿಷ್ಕರಣೆ ವೇಳಾಪಟ್ಟಿ: ಮನೆ ಮನೆ ಭೇಟಿ, ಕರಡು ಪಟ್ಟಿ ಪ್ರಕಟಣೆ, ಆಕ್ಷೇಪಣೆ ಸಲ್ಲಿಕೆ ಹಾಗೂ ಅಂತಿಮ ಪಟ್ಟಿ ಪ್ರಕಟಣೆ ನಡೆಯಲಿದೆ. ಪಾಲಿಕೆ ಚುನಾವಣೆಗೆ ಸಿದ್ಧತೆ: ಬ್ಯಾಲೆಟ್ ಪೇಪರ್ ಬಳಕೆ. ಎಸ್‌ಐಆರ್ ಸಮೀಕ್ಷೆ ಹೇಗೆ ನಡೆಯಲಿದೆ?
ಸ್ಪೀಕರ್ ಮೇಲೆ ಕಾಗದ ಎಸೆದ 8 ವಿಪಕ್ಷ ಸಂಸದರು ಅಮಾನತು
ನವದೆಹಲಿ: ಲೋಕಸಭೆಯಲ್ಲಿ ಸ್ಪೀಕರ್ ಪೀಠದ ಮೇಲೆ ಕಾಗದ ಎಸೆದು ಗದ್ದಲ ಎಬ್ಬಿಸಿದ ಆರೋಪದ ಮೇಲೆ 8 ವಿಪಕ್ಷ ಸಂಸದರನ್ನು ಬಜೆಟ್ ಅಧಿವೇಶನದ ಉಳಿದ ಅವಧಿಗೆ ಅಮಾನತುಗೊಳಿಸಲಾಗಿದೆ. ಅಮಾನತುಗೊಂಡ ಸಂಸದರಲ್ಲಿ ಕಾಂಗ್ರೆಸ್ ಸದಸ್ಯರು ಸೇರಿದ್ದಾರೆ. ಸದನದ ಘನತೆಗೆ ಧಕ್ಕೆ ತಂದ ಹಿನ್ನೆಲೆಯಲ್ಲಿ ಕ್ರಮ ಕೈಗೊಳ್ಳಲಾಗಿದೆ ಎಂದು ಸಂಸದೀಯ ವ್ಯವಹಾರಗಳ ಸಚಿವರು ತಿಳಿಸಿದರು. ವಿಪಕ್ಷಗಳು ಈ ಕ್ರಮವನ್ನು ಖಂಡಿಸಿ ಸಭಾತ್ಯಾಗ ನಡೆಸಿದವು.
ಸಂಸತ್ತಿನಲ್ಲಿ ಏನಾಯ್ತು? ಲೋಕಸಭೆಯಲ್ಲಿ ಸ್ಪೀಕರ್ ಪೀಠದ ಮೇಲೆ ಕಾಗದ ಎಸೆದು ಗದ್ದಲ ಎಬ್ಬಿಸಿದ ಆರೋಪದ ಮೇಲೆ 8 ವಿಪಕ್ಷ ಸಂಸದರನ್ನು ಬಜೆಟ್ ಅಧಿವೇಶನದ ಉಳಿದ ಅವಧಿಗೆ ಅಮಾನತುಗೊಳಿಸಲಾಗಿದೆ. ಅಮಾನತುಗೊಂಡ ಸಂಸದರಲ್ಲಿ ಕಾಂಗ್ರೆಸ್ ಸದಸ್ಯರು ಸೇರಿದ್ದಾರೆ. ಸದನದ ಘನತೆಗೆ ಧಕ್ಕೆ ತಂದ ಹಿನ್ನೆಲೆಯಲ್ಲಿ ಕ್ರಮ ಕೈಗೊಳ್ಳಲಾಗಿದೆ ಎಂದು ಸಂಸದೀಯ ವ್ಯವಹಾರಗಳ ಸಚಿವರು ತಿಳಿಸಿದರು. ವಿಪಕ್ಷಗಳು ಈ ಕ್ರಮವನ್ನು ಖಂಡಿಸಿ ಸಭಾತ್ಯಾಗ ನಡೆಸಿದವು. ಲೋಕಸಭೆಯಲ್ಲಿ ಸ್ಪೀಕರ್ ಪೀಠದ ಮೇಲೆ ಕಾಗದ ಎಸೆದು ಗದ್ದಲ ಎಬ್ಬಿಸಿದ ಆರೋಪದ ಮೇಲೆ 8 ವಿಪಕ್ಷ ಸಂಸದರನ್ನು ಬಜೆಟ್ ಅಧಿವೇಶನದ ಉಳಿದ ಅವಧಿಗೆ ಅಮಾನತುಗೊಳಿಸಲಾಗಿದೆ. ಅಮಾನತುಗೊಂಡ ಸಂಸದರಲ್ಲಿ ಕಾಂಗ್ರೆಸ್ ಸದಸ್ಯರು ಸೇರಿದ್ದಾರೆ. ಸದನದ ಘನತೆಗೆ ಧಕ್ಕೆ ತಂದ ಹಿನ್ನೆಲೆಯಲ್ಲಿ ಕ್ರಮ ಕೈಗೊಳ್ಳಲಾಗಿದೆ ಎಂದು ಸಂಸದೀಯ ವ್ಯವಹಾರಗಳ ಸಚಿವರು ತಿಳಿಸಿದರು. ವಿಪಕ್ಷಗಳು ಈ ಕ್ರಮವನ್ನು ಖಂಡಿಸಿ ಸಭಾತ್ಯಾಗ ನಡೆಸಿದವು. ಲೋಕಸಭೆಯಲ್ಲಿ ಸ್ಪೀಕರ್ ಪೀಠದ ಮೇಲೆ ಕಾಗದ ಎಸೆದು ಗದ್ದಲ ಎಬ್ಬಿಸಿದ ಆರೋಪದ ಮೇಲೆ 8 ವಿಪಕ್ಷ ಸಂಸದರನ್ನು ಬಜೆಟ್ ಅಧಿವೇಶನದ ಉಳಿದ ಅವಧಿಗೆ ಅಮಾನತುಗೊಳಿಸಲಾಗಿದೆ. ಅಮಾನತುಗೊಂಡ ಸಂಸದರಲ್ಲಿ ಕಾಂಗ್ರೆಸ್ ಸದಸ್ಯರು ಸೇರಿದ್ದಾರೆ. ಸದನದ ಘನತೆಗೆ ಧಕ್ಕೆ ತಂದ ಹಿನ್ನೆಲೆಯಲ್ಲಿ ಕ್ರಮ ಕೈಗೊಳ್ಳಲಾಗಿದೆ ಎಂದು ಸಂಸದೀಯ ವ್ಯವಹಾರಗಳ ಸಚಿವರು ತಿಳಿಸಿದರು. ವಿಪಕ್ಷಗಳು ಈ ಕ್ರಮವನ್ನು ಖಂಡಿಸಿ ಸಭಾತ್ಯಾಗ ನಡೆಸಿದವು.
ಬಜೆಟ್ ಬೆನ್ನಲ್ಲೇ ಜನ ಸಾಮಾನ್ಯರಿಗೆ ಬಿಗ್ ಶಾಕ್!
ಬೆಂಗಳೂರು: ಬಜೆಟ್ ಬೆನ್ನಲ್ಲೇ ಜನ ಸಾಮಾನ್ಯರಿಗೆ ಬೆಲೆ ಏರಿಕೆ ಬಿಸಿ ತಟ್ಟಿದೆ. ಅಕ್ಕಿ, ಬೇಳೆ ಸೇರಿದಂತೆ ದಿನಬಳಕೆ ವಸ್ತುಗಳ ದರದಲ್ಲಿ ಭಾರಿ ಏರಿಕೆ ಕಂಡಿದೆ. ಸಗಟು ವ್ಯಾಪಾರದ ದರದಲ್ಲಿ ಕೆಜಿಗೆ 10 ರಿಂದ 30 ರೂ.ವರೆಗೆ ಏರಿಕೆಯಾಗಿದ್ದು, ಚಿಲ್ಲರೆ ಮಾರುಕಟ್ಟೆಯಲ್ಲೂ ಇದರ ಪರಿಣಾಮ ಗೋಚರಿಸುತ್ತಿದೆ. ಏಕೆ ಈ ಏರಿಕೆ? ಇಳುವರಿ ಕುಸಿತ ಹಾಗೂ ಸಾಗಣೆ ವೆಚ್ಚ ಹೆಚ್ಚಳ ಕಾರಣ ಎನ್ನಲಾಗಿದೆ. ಬಜೆಟ್ ಬೆನ್ನಲ್ಲೇ ಜನ ಸಾಮಾನ್ಯರಿಗೆ ಬೆಲೆ ಏರಿಕೆ ಬಿಸಿ ತಟ್ಟಿದೆ. ಅಕ್ಕಿ, ಬೇಳೆ ಸೇರಿದಂತೆ ದಿನಬಳಕೆ ವಸ್ತುಗಳ ದರದಲ್ಲಿ ಭಾರಿ ಏರಿಕೆ ಕಂಡಿದೆ. ಸಗಟು ವ್ಯಾಪಾರದ ದರದಲ್ಲಿ ಕೆಜಿಗೆ 10 ರಿಂದ 30 ರೂ.ವರೆಗೆ ಏರಿಕೆಯಾಗಿದ್ದು, ಚಿಲ್ಲರೆ ಮಾರುಕಟ್ಟೆಯಲ್ಲೂ ಇದರ ಪರಿಣಾಮ ಗೋಚರಿಸುತ್ತಿದೆ. ಏಕೆ ಈ ಏರಿಕೆ? ಇಳುವರಿ ಕುಸಿತ ಹಾಗೂ ಸಾಗಣೆ ವೆಚ್ಚ ಹೆಚ್ಚಳ ಕಾರಣ ಎನ್ನಲಾಗಿದೆ. ಬಜೆಟ್ ಬೆನ್ನಲ್ಲೇ ಜನ ಸಾಮಾನ್ಯರಿಗೆ ಬೆಲೆ ಏರಿಕೆ ಬಿಸಿ ತಟ್ಟಿದೆ. ಅಕ್ಕಿ, ಬೇಳೆ ಸೇರಿದಂತೆ ದಿನಬಳಕೆ ವಸ್ತುಗಳ ದರದಲ್ಲಿ ಭಾರಿ ಏರಿಕೆ ಕಂಡಿದೆ. ಸಗಟು ವ್ಯಾಪಾರದ ದರದಲ್ಲಿ ಕೆಜಿಗೆ 10 ರಿಂದ 30 ರೂ.ವರೆಗೆ ಏರಿಕೆಯಾಗಿದ್ದು, ಚಿಲ್ಲರೆ ಮಾರುಕಟ್ಟೆಯಲ್ಲೂ ಇದರ ಪರಿಣಾಮ ಗೋಚರಿಸುತ್ತಿದೆ. ಏಕೆ ಈ ಏರಿಕೆ? ಇಳುವರಿ ಕುಸಿತ ಹಾಗೂ ಸಾಗಣೆ ವೆಚ್ಚ ಹೆಚ್ಚಳ ಕಾರಣ ಎನ್ನಲಾಗಿದೆ.
ಬಜೆಟ್ ಬೆನ್ನಲ್ಲೇ ಜನ ಸಾಮಾನ್ಯರಿಗೆ ಬೆಲೆ ಏರಿಕೆ ಬಿಸಿ ತಟ್ಟಿದೆ. ಅಕ್ಕಿ, ಬೇಳೆ ಸೇರಿದಂತೆ ದಿನಬಳಕೆ ವಸ್ತುಗಳ ದರದಲ್ಲಿ ಭಾರಿ ಏರಿಕೆ ಕಂಡಿದೆ. ಸಗಟು ವ್ಯಾಪಾರದ ದರದಲ್ಲಿ ಕೆಜಿಗೆ 10 ರಿಂದ 30 ರೂ.ವರೆಗೆ ಏರಿಕೆಯಾಗಿದ್ದು, ಚಿಲ್ಲರೆ ಮಾರುಕಟ್ಟೆಯಲ್ಲೂ ಇದರ ಪರಿಣಾಮ ಗೋಚರಿಸುತ್ತಿದೆ. ಏಕೆ ಈ ಏರಿಕೆ? ಇಳುವರಿ ಕುಸಿತ ಹಾಗೂ ಸಾಗಣೆ ವೆಚ್ಚ ಹೆಚ್ಚಳ ಕಾರಣ ಎನ್ನಲಾಗಿದೆ. ಬಜೆಟ್ ಬೆನ್ನಲ್ಲೇ ಜನ ಸಾಮಾನ್ಯರಿಗೆ ಬೆಲೆ ಏರಿಕೆ ಬಿಸಿ ತಟ್ಟಿದೆ. ಅಕ್ಕಿ, ಬೇಳೆ ಸೇರಿದಂತೆ ದಿನಬಳಕೆ ವಸ್ತುಗಳ ದರದಲ್ಲಿ ಭಾರಿ ಏರಿಕೆ ಕಂಡಿದೆ. ಸಗಟು ವ್ಯಾಪಾರದ ದರದಲ್ಲಿ ಕೆಜಿಗೆ 10 ರಿಂದ 30 ರೂ.ವರೆಗೆ ಏರಿಕೆಯಾಗಿದ್ದು, ಚಿಲ್ಲರೆ ಮಾರುಕಟ್ಟೆಯಲ್ಲೂ ಇದರ ಪರಿಣಾಮ ಗೋಚರಿಸುತ್ತಿದೆ. ಏಕೆ ಈ ಏರಿಕೆ? ಇಳುವರಿ ಕುಸಿತ ಹಾಗೂ ಸಾಗಣೆ ವೆಚ್ಚ ಹೆಚ್ಚಳ ಕಾರಣ ಎನ್ನಲಾಗಿದೆ. ಬಜೆಟ್ ಬೆನ್ನಲ್ಲೇ ಜನ ಸಾಮಾನ್ಯರಿಗೆ ಬೆಲೆ ಏರಿಕೆ ಬಿಸಿ ತಟ್ಟಿದೆ. ಅಕ್ಕಿ, ಬೇಳೆ ಸೇರಿದಂತೆ ದಿನಬಳಕೆ ವಸ್ತುಗಳ ದರದಲ್ಲಿ ಭಾರಿ ಏರಿಕೆ ಕಂಡಿದೆ. ಸಗಟು
ಯಾವ ಪದಾರ್ಥ ಬೆಲೆ ಏರಿಕೆ?
(ಸಗಟು ವ್ಯಾಪಾರದ ದರ ಕೆಜಿಗೆ)
ಅಕ್ಕಿ : 1 ಕೆಜಿಗೆ 5 ರಿಂದ 30ರೂ.ವರೆಗೆ ಏರಿಕೆ
ಒಣಮೆಣಸು : 1 ಕೆಜಿಗೆ 150 ರೂ. ವರೆಗೆ ಏರಿಕೆ
ತೊಗರಿ ಬೇಳೆ : 1 ಕೆಜಿಗೆ 15 ರಿಂದ 20 ರೂ. ವರೆಗೆ ಏರಿಕೆ
ಕಡಲೆಕಾಯಿ : 1 ಕೆಜಿಗೆ 20 ರೂ.ವರೆಗೆ ಏರಿಕೆ
ಉದ್ದಿನ ಬೇಳೆ : 1 ಕೆಜಿಗೆ 15 ರೂ.ವರೆಗೆ ಏರಿಕೆ
ಕಡಲೆಬೇಳೆ : 1 ಕೆಜಿಗೆ 10 ರೂ. ವರೆಗೆ ಏರಿಕೆ
ಸಿಎಂ ಕುರ್ಚಿ ಉಳಿಯಬೇಕಿದೆ
ಕುಮಾರಸ್ವಾಮಿಯವರ ಅನುಮತಿ ಕಾದುತ್ತಿದೆ. ಅವರು ಇಲ್ಲಿ ಇದ್ದಿದ್ದರೆ ವಿಚಾರವನ್ನು ಇನ್ನೂ ಹೆಚ್ಚಿನ ಮಟ್ಟಕ್ಕೆ ತೆಗೆದುಕೊಂಡು ಹೋಗಬಹುದಿತ್ತು ಎಂದು ಹೇಳಿದ್ದಾರೆ. ಕುಮಾರಸ್ವಾಮಿಯವರ ಅನುಮತಿ ಕಾದುತ್ತಿದೆ. ಅವರು ಇಲ್ಲಿ ಇದ್ದಿದ್ದರೆ ವಿಚಾರವನ್ನು ಇನ್ನೂ ಹೆಚ್ಚಿನ ಮಟ್ಟಕ್ಕೆ ತೆಗೆದುಕೊಂಡು ಹೋಗಬಹುದಿತ್ತು ಎಂದು ಹೇಳಿದ್ದಾರೆ. ಕುಮಾರಸ್ವಾಮಿಯವರ ಅನುಮತಿ ಕಾದುತ್ತಿದೆ. ಅವರು ಇಲ್ಲಿ ಇದ್ದಿದ್ದರೆ ವಿಚಾರವನ್ನು ಇನ್ನೂ ಹೆಚ್ಚಿನ ಮಟ್ಟಕ್ಕೆ ತೆಗೆದುಕೊಂಡು ಹೋಗಬಹುದಿತ್ತು ಎಂದು ಹೇಳಿದ್ದಾರೆ.
ಕೋಟಿ ಕೋಟಿ ಗೋವಿಂದ
ಜೆಡಿಎಸ್ ಶಾಸಕ ಸುರೇಶ್ ಬಾಬು ಪ್ರತಿಕ್ರಿಯಿಸಿ, ಸರ್ಕಾರದ ವಿರುದ್ಧ ಹೋರಾಟ ನಿಲ್ಲುವುದಿಲ್ಲ. ದಾಖಲೆ ಸಮೇತ ಸರ್ಕಾರದ ಮುಂದಿಟ್ಟರೂ ಸರ್ಕಾರ ಒಪ್ಪದ ಪರಿಸ್ಥಿತಿಯಲ್ಲಿದೆ. ಜೆಡಿಎಸ್ ಶಾಸಕ ಸುರೇಶ್ ಬಾಬು ಪ್ರತಿಕ್ರಿಯಿಸಿ, ಸರ್ಕಾರದ ವಿರುದ್ಧ ಹೋರಾಟ ನಿಲ್ಲುವುದಿಲ್ಲ. ದಾಖಲೆ ಸಮೇತ ಸರ್ಕಾರದ ಮುಂದಿಟ್ಟರೂ ಸರ್ಕಾರ ಒಪ್ಪದ ಪರಿಸ್ಥಿತಿಯಲ್ಲಿದೆ. ಜೆಡಿಎಸ್ ಶಾಸಕ ಸುರೇಶ್ ಬಾಬು ಪ್ರತಿಕ್ರಿಯಿಸಿ, ಸರ್ಕಾರದ ವಿರುದ್ಧ ಹೋರಾಟ ನಿಲ್ಲುವುದಿಲ್ಲ. ದಾಖಲೆ ಸಮೇತ ಸರ್ಕಾರದ ಮುಂದಿಟ್ಟರೂ ಸರ್ಕಾರ ಒಪ್ಪದ ಪರಿಸ್ಥಿತಿಯಲ್ಲಿದೆ.
ಹೆಲ್ ಎಮರ್ಜೆನ್ಸಿ?
ಸರಬರಾಜು ಆಗುತ್ತಿಲ್ಲ, ಔಷಧಿಗಳ ಸರಬರಾಜಿಗೆ ಹಲವು ಸಮಸ್ಯೆಗಳು ಎದುರಾಗಿವೆ. ಸರ್ಕಾರಿ ಆಸ್ಪತ್ರೆಗಳಲ್ಲಿರುವ ಸದ್ಯದ ಅವ್ಯವಸ್ಥೆಗಳು ಬಡವರಲ್ಲಿ ಭಯವನ್ನುಂಟು ಮಾಡಿವೆ. ಸರಬರಾಜು ಆಗುತ್ತಿಲ್ಲ, ಔಷಧಿಗಳ ಸರಬರಾಜಿಗೆ ಹಲವು ಸಮಸ್ಯೆಗಳು ಎದುರಾಗಿವೆ. ಸರ್ಕಾರಿ ಆಸ್ಪತ್ರೆಗಳಲ್ಲಿರುವ ಸದ್ಯದ ಅವ್ಯವಸ್ಥೆಗಳು ಬಡವರಲ್ಲಿ ಭಯವನ್ನುಂಟು ಮಾಡಿವೆ. ಸರಬರಾಜು ಆಗುತ್ತಿಲ್ಲ, ಔಷಧಿಗಳ ಸರಬರಾಜಿಗೆ ಹಲವು ಸಮಸ್ಯೆಗಳು ಎದುರಾಗಿವೆ. ಸರ್ಕಾರಿ ಆಸ್ಪತ್ರೆಗಳಲ್ಲಿರುವ ಸದ್ಯದ ಅವ್ಯವಸ್ಥೆಗಳು ಬಡವರಲ್ಲಿ ಭಯವನ್ನುಂಟು ಮಾಡಿವೆ.
ಮಹತ್ವದ ಬೆಳವಣಿಗೆ
ಭಾಗಿಯಾಗಿದ್ದಾರೆ. ಎನ್‌ಡಿಎ-ಟಿಎಂಸಿ ಅನುದಾನ ಬಳಕೆ ಕುರಿತು ಸಭೆ ಹೆಸರಲ್ಲಿ ಕಾಂಗ್ರೆಸ್‌ನ ಎನ್‌ಸಿ ನಡಿವೆ. ದಾನರು ಒಗ್ಗಟ್ಟಿನ ಶಕ್ತಿ ಪ್ರದರ್ಶನ ಮಾಡಿದ್ದು ಎನ್‌ಸಿಪಿ-ಟಿಎಂಸಿ ಅನುದಾನ ಬೇರೆ ಯೋಜನೆಗಳಿಗೆ ಬಳಕೆಯಾಗುವುದಕ್ಕೆ ಆಕ್ಷೇಪ ವ್ಯಕ್ತವಾಗಿದೆ. ಭಾಗಿಯಾಗಿದ್ದಾರೆ. ಎನ್‌ಡಿಎ-ಟಿಎಂಸಿ ಅನುದಾನ ಬಳಕೆ ಕುರಿತು ಸಭೆ ಹೆಸರಲ್ಲಿ ಕಾಂಗ್ರೆಸ್‌ನ ಎನ್‌ಸಿ ನಡಿವೆ. ದಾನರು ಒಗ್ಗಟ್ಟಿನ ಶಕ್ತಿ ಪ್ರದರ್ಶನ ಮಾಡಿದ್ದು ಎನ್‌ಸಿಪಿ-ಟಿಎಂಸಿ ಅನುದಾನ ಬೇರೆ ಯೋಜನೆಗಳಿಗೆ ಬಳಕೆಯಾಗುವುದಕ್ಕೆ ಆಕ್ಷೇಪ ವ್ಯಕ್ತವಾಗಿದೆ. ಭಾಗಿಯಾಗಿದ್ದಾರೆ. ಎನ್‌ಡಿಎ-ಟಿಎಂಸಿ ಅನುದಾನ ಬಳಕೆ ಕುರಿತು ಸಭೆ ಹೆಸರಲ್ಲಿ ಕಾಂಗ್ರೆಸ್‌ನ ಎನ್‌ಸಿ ನಡಿವೆ. ದಾನರು ಒಗ್ಗಟ್ಟಿನ ಶಕ್ತಿ ಪ್ರದರ್ಶನ ಮಾಡಿದ್ದು ಎನ್‌ಸಿಪಿ-ಟಿಎಂಸಿ ಅನುದಾನ ಬೇರೆ ಯೋಜನೆಗಳಿಗೆ ಬಳಕೆಯಾಗುವುದಕ್ಕೆ ಆಕ್ಷೇಪ ವ್ಯಕ್ತವಾಗಿದೆ.
ಬಂತು ಇನ್ನೊಂದು ರೈಲು
ಮೊದಲು ಹಂತದಲ್ಲಿ ಕಾಳಿಕ ಅಕ್ಕಾರದಿಂದ ತಾವರೆಕೆರೆಯವರೆಗೆ ಮೆಟ್ರೋ ಸಂಚಾರ ಆರಂಭವಾಗಲಿದೆ. ಬಿಎಂಆರ್‌ಸಿಎಲ್ ಸಿದ್ಧತೆ ನಡೆಸುತ್ತಿದ್ದು ದಕ್ಷಿಣ ಬೆಂಗಳೂರಿನ ಸಂಚಾರ ದಟ್ಟಣೆ ಕಡಿಮೆಯಾಗಲಿದೆ. ಮೊದಲು ಹಂತದಲ್ಲಿ ಕಾಳಿಕ ಅಕ್ಕಾರದಿಂದ ತಾವರೆಕೆರೆಯವರೆಗೆ ಮೆಟ್ರೋ ಸಂಚಾರ ಆರಂಭವಾಗಲಿದೆ. ಬಿಎಂಆರ್‌ಸಿಎಲ್ ಸಿದ್ಧತೆ ನಡೆಸುತ್ತಿದ್ದು ದಕ್ಷಿಣ ಬೆಂಗಳೂರಿನ ಸಂಚಾರ ದಟ್ಟಣೆ ಕಡಿಮೆಯಾಗಲಿದೆ. ಮೊದಲು ಹಂತದಲ್ಲಿ ಕಾಳಿಕ ಅಕ್ಕಾರದಿಂದ ತಾವರೆಕೆರೆಯವರೆಗೆ ಮೆಟ್ರೋ ಸಂಚಾರ ಆರಂಭವಾಗಲಿದೆ. ಬಿಎಂಆರ್‌ಸಿಎಲ್ ಸಿದ್ಧತೆ ನಡೆಸುತ್ತಿದ್ದು ದಕ್ಷಿಣ ಬೆಂಗಳೂರಿನ ಸಂಚಾರ ದಟ್ಟಣೆ ಕಡಿಮೆಯಾಗಲಿದೆ.
ಮೊದಲನೇ ಪುಟದಿಂದ ...
ದಟ್ಟಣೆ ಕಡಿಮೆಯಾಗುವ ನಿರೀಕ್ಷೆ ವ್ಯಕ್ತವಾಗಿದೆ. ಉದ್ದ 13.76 ಕಿಲೋಮೀಟರ್ ಅಂಡರ್‌ಗ್ರೌಂಡ್ ಮಾರ್ಗದ ಕಾಮಗಾರಿ ಪ್ರಗತಿಯಲ್ಲಿದ್ದು ಎಲ್ಲಾ ಕೆಲಸಗಳು ಪೂರ್ಣಗೊಂಡ ಬಳಿಕ ಪರ್ಪಲ್ ಲೈನ್ ಉದ್ಘಾಟನೆ ನಡೆಯಲಿದೆ. ದಟ್ಟಣೆ ಕಡಿಮೆಯಾಗುವ ನಿರೀಕ್ಷೆ ವ್ಯಕ್ತವಾಗಿದೆ. ಉದ್ದ 13.76 ಕಿಲೋಮೀಟರ್ ಅಂಡರ್‌ಗ್ರೌಂಡ್ ಮಾರ್ಗದ ಕಾಮಗಾರಿ ಪ್ರಗತಿಯಲ್ಲಿದ್ದು ಎಲ್ಲಾ ಕೆಲಸಗಳು ಪೂರ್ಣಗೊಂಡ ಬಳಿಕ ಪರ್ಪಲ್ ಲೈನ್ ಉದ್ಘಾಟನೆ ನಡೆಯಲಿದೆ. ದಟ್ಟಣೆ ಕಡಿಮೆಯಾಗುವ ನಿರೀಕ್ಷೆ ವ್ಯಕ್ತವಾಗಿದೆ. ಉದ್ದ 13.76 ಕಿಲೋಮೀಟರ್ ಅಂಡರ್‌ಗ್ರೌಂಡ್ ಮಾರ್ಗದ ಕಾಮಗಾರಿ ಪ್ರಗತಿಯಲ್ಲಿದ್ದು ಎಲ್ಲಾ ಕೆಲಸಗಳು ಪೂರ್ಣಗೊಂಡ ಬಳಿಕ ಪರ್ಪಲ್ ಲೈನ್ ಉದ್ಘಾಟನೆ ನಡೆಯಲಿದೆ.
ದರ ಏರಿಕೆಗೆ ಅಸ್ತು
ನಮ್ಮ ಮೆಟ್ರೋ ದರ ಏರಿಕೆ ನಿಗದಿಯ ಸಮಿತಿ ವರದಿ ಸಲ್ಲಿಸಿದ್ದು, ಈಗ ಮತ್ತೆ ಪ್ರಯಾಣಿಕರ ಜೇಬಿಗೆ ಕತ್ತರಿ ಬೀಳಲಿದೆ. ಪ್ರತಿವರ್ಷ ಶೇ.5ರಷ್ಟು ದರ ಏರಿಕೆ ಮಾಡುವ ಪ್ರಸ್ತಾವನೆಗೆ ಮೆಟ್ರೋ ದರ ಏರಿಕೆಗೆ ಗ್ರೀನ್ ಸಿಗ್ನಲ್ ಕೊಟ್ಟಿದೆ. ನಮ್ಮ ಮೆಟ್ರೋ ದರ ಏರಿಕೆ ನಿಗದಿಯ ಸಮಿತಿ ವರದಿ ಸಲ್ಲಿಸಿದ್ದು, ಈಗ ಮತ್ತೆ ಪ್ರಯಾಣಿಕರ ಜೇಬಿಗೆ ಕತ್ತರಿ ಬೀಳಲಿದೆ. ಪ್ರತಿವರ್ಷ ಶೇ.5ರಷ್ಟು ದರ ಏರಿಕೆ ಮಾಡುವ ಪ್ರಸ್ತಾವನೆಗೆ ಮೆಟ್ರೋ ದರ ಏರಿಕೆಗೆ ಗ್ರೀನ್ ಸಿಗ್ನಲ್ ಕೊಟ್ಟಿದೆ. ನಮ್ಮ ಮೆಟ್ರೋ ದರ ಏರಿಕೆ ನಿಗದಿಯ ಸಮಿತಿ ವರದಿ ಸಲ್ಲಿಸಿದ್ದು, ಈಗ ಮತ್ತೆ ಪ್ರಯಾಣಿಕರ ಜೇಬಿಗೆ ಕತ್ತರಿ ಬೀಳಲಿದೆ. ಪ್ರತಿವರ್ಷ ಶೇ.5ರಷ್ಟು ದರ ಏರಿಕೆ ಮಾಡುವ ಪ್ರಸ್ತಾವನೆಗೆ ಮೆಟ್ರೋ ದರ ಏರಿಕೆಗೆ ಗ್ರೀನ್ ಸಿಗ್ನಲ್ ಕೊಟ್ಟಿದೆ.
ದಿನಾಂಕ ಫಿಕ್ಸ್
ಈಗ ಮತ್ತೆ ಸಕ್ರಿಯಗೊಂಡು ಫೆಬ್ರವರಿ 19ರಂದು ಪ್ರೀಡಂ ಪಾರ್ಕ್ ಬಳಿ ಸಭೆ ನಡೆಯಲಿದೆ. ಈಗ ಮತ್ತೆ ಸಕ್ರಿಯಗೊಂಡು ಫೆಬ್ರವರಿ 19ರಂದು ಪ್ರೀಡಂ ಪಾರ್ಕ್ ಬಳಿ ಸಭೆ ನಡೆಯಲಿದೆ. ಈಗ ಮತ್ತೆ ಸಕ್ರಿಯಗೊಂಡು ಫೆಬ್ರವರಿ 19ರಂದು ಪ್ರೀಡಂ ಪಾರ್ಕ್ ಬಳಿ ಸಭೆ ನಡೆಯಲಿದೆ.
ಗ್ರಾಹಕರ ಬೇಡಿಕೆ 100ರಿಂದ ಸಂಜೆ 4ರವರೆಗೆ ಪ್ರತಿಭಟನೆ ನಡೆಸಲು ಯೋಜಿಸಲಾಗಿದೆ. ಸಾವಿರಾರು ನೌಕರರು ರಾಜ್ಯದ ನಾನಾ ಭಾಗಗಳಿಂದ ಬೆಂಗಳೂರಿಗೆ ಆಗಮಿಸಿ ಭಾಗವಹಿಸುವ ನಿರೀಕ್ಷೆ ಇದೆ. ಈ ಹೋರಾಟದಿಂದ ರಾಜ್ಯಾದ್ಯಂತ ಬಸ್ ಸಂಚಾರದಲ್ಲಿ ದೊಡ್ಡ ವ್ಯತ್ಯಯ ಉಂಟಾಗುವ ಸಾಧ್ಯತೆ ಇದೆ. ಪ್ರಯಾಣಿಕರು ತೊಂದರೆಗೊಳಗಾಗಬಹುದು. ಗ್ರಾಹಕರ ಬೇಡಿಕೆ 100ರಿಂದ ಸಂಜೆ 4ರವರೆಗೆ ಪ್ರತಿಭಟನೆ ನಡೆಸಲು ಯೋಜಿಸಲಾಗಿದೆ. ಸಾವಿರಾರು ನೌಕರರು ರಾಜ್ಯದ ನಾನಾ ಭಾಗಗಳಿಂದ ಬೆಂಗಳೂರಿಗೆ ಆಗಮಿಸಿ ಭಾಗವಹಿಸುವ ನಿರೀಕ್ಷೆ ಇದೆ. ಈ ಹೋರಾಟದಿಂದ ರಾಜ್ಯಾದ್ಯಂತ ಬಸ್ ಸಂಚಾರದಲ್ಲಿ ದೊಡ್ಡ ವ್ಯತ್ಯಯ ಉಂಟಾಗುವ ಸಾಧ್ಯತೆ ಇದೆ. ಪ್ರಯಾಣಿಕರು ತೊಂದರೆಗೊಳಗಾಗಬಹುದು. ಗ್ರಾಹಕರ ಬೇಡಿಕೆ 100ರಿಂದ ಸಂಜೆ 4ರವರೆಗೆ ಪ್ರತಿಭಟನೆ ನಡೆಸಲು ಯೋಜಿಸಲಾಗಿದೆ. ಸಾವಿರಾರು ನೌಕರರು ರಾಜ್ಯದ ನಾನಾ ಭಾಗಗಳಿಂದ ಬೆಂಗಳೂರಿಗೆ ಆಗಮಿಸಿ ಭಾಗವಹಿಸುವ ನಿರೀಕ್ಷೆ ಇದೆ. ಈ ಹೋರಾಟದಿಂದ ರಾಜ್ಯಾದ್ಯಂತ ಬಸ್ ಸಂಚಾರದಲ್ಲಿ ದೊಡ್ಡ ವ್ಯತ್ಯಯ ಉಂಟಾಗುವ ಸಾಧ್ಯತೆ ಇದೆ. ಪ್ರಯಾಣಿಕರು ತೊಂದರೆಗೊಳಗಾಗಬಹುದು.
ಅನರ್ಹರಿಗೆ ನೋಟಿಸ್!
ಜೊತೆಗೆ ಹಿಂದಿನ ಎಎಪಿ ಸರ್ಕಾರದ ಅವಧಿಯಲ್ಲಿ ನೀಡಲಾದ ಸೌಲಭ್ಯಗಳ ಪರಿಶೀಲನೆ ನಡೆಯಲಿದೆ. ಜೊತೆಗೆ ಹಿಂದಿನ ಎಎಪಿ ಸರ್ಕಾರದ ಅವಧಿಯಲ್ಲಿ ನೀಡಲಾದ ಸೌಲಭ್ಯಗಳ ಪರಿಶೀಲನೆ ನಡೆಯಲಿದೆ. ಜೊತೆಗೆ ಹಿಂದಿನ ಎಎಪಿ ಸರ್ಕಾರದ ಅವಧಿಯಲ್ಲಿ ನೀಡಲಾದ ಸೌಲಭ್ಯಗಳ ಪರಿಶೀಲನೆ ನಡೆಯಲಿದೆ.
ರೂಪಿಸುತ್ತಿದ್ದು ಮತ್ತು ಬಾಂಗ್ಲಾದೇಶ ಪಡೆಗಳು ಸೇರಿದಂತೆ ವಿವಿಧ ಪ್ರದೇಶಗಳ ಪರಿಹಾರ ಚಟುವಟಿಕೆಗಳ ನಿಗಾ ವಹಿಸಲಾಗಿದೆ ಎಂದು ತಿಳಿಸಿದ್ದಾರೆ. ರೂಪಿಸುತ್ತಿದ್ದು ಮತ್ತು ಬಾಂಗ್ಲಾದೇಶ ಪಡೆಗಳು ಸೇರಿದಂತೆ ವಿವಿಧ ಪ್ರದೇಶಗಳ ಪರಿಹಾರ ಚಟುವಟಿಕೆಗಳ ನಿಗಾ ವಹಿಸಲಾಗಿದೆ ಎಂದು ತಿಳಿಸಿದ್ದಾರೆ. ರೂಪಿಸುತ್ತಿದ್ದು ಮತ್ತು ಬಾಂಗ್ಲಾದೇಶ ಪಡೆಗಳು ಸೇರಿದಂತೆ ವಿವಿಧ ಪ್ರದೇಶಗಳ ಪರಿಹಾರ ಚಟುವಟಿಕೆಗಳ ನಿಗಾ ವಹಿಸಲಾಗಿದೆ ಎಂದು ತಿಳಿಸಿದ್ದಾರೆ.
ಅಕ್ಕ-ತಮ್ಮ!
ಬಾಲಕಿಗೆ ಆಧಾರ್ ಕಾರ್ಡ್ ಇದ್ದ ಕಾರಣ ಸರ್ಕಾರಿ ಬಸ್ ನಲ್ಲಿ ಉಚಿತ ಪ್ರಯಾಣ ಮಾಡಿದ್ದಾರೆ. ಬಸ್ಸಿನಲ್ಲಿ ಇವರಿಬ್ಬರು ಶಿವಮೊಗ್ಗ, ಚಿತ್ರದುರ್ಗ ಸೇರಿದಂತೆ ಹಲವೆಡೆ ಸುತ್ತಾಟ ನಡೆಸಿದ್ದಾರೆ. ಹೆಚ್ಎಎಲ್ ಪೊಲೀಸರು ಮಕ್ಕಳನ್ನು ಈಗ ಪೋಷಕರಿಗೆ ಒಪ್ಪಿಸುವಲ್ಲಿ ಯಶಸ್ವಿಯಾಗಿದ್ದಾರೆ. ಬಾಲಕಿಗೆ ಆಧಾರ್ ಕಾರ್ಡ್ ಇದ್ದ ಕಾರಣ ಸರ್ಕಾರಿ ಬಸ್ ನಲ್ಲಿ ಉಚಿತ ಪ್ರಯಾಣ ಮಾಡಿದ್ದಾರೆ. ಬಸ್ಸಿನಲ್ಲಿ ಇವರಿಬ್ಬರು ಶಿವಮೊಗ್ಗ, ಚಿತ್ರದುರ್ಗ ಸೇರಿದಂತೆ ಹಲವೆಡೆ ಸುತ್ತಾಟ ನಡೆಸಿದ್ದಾರೆ. ಹೆಚ್ಎಎಲ್ ಪೊಲೀಸರು ಮಕ್ಕಳನ್ನು ಈಗ ಪೋಷಕರಿಗೆ ಒಪ್ಪಿಸುವಲ್ಲಿ ಯಶಸ್ವಿಯಾಗಿದ್ದಾರೆ. ಬಾಲಕಿಗೆ ಆಧಾರ್ ಕಾರ್ಡ್ ಇದ್ದ ಕಾರಣ ಸರ್ಕಾರಿ ಬಸ್ ನಲ್ಲಿ ಉಚಿತ ಪ್ರಯಾಣ ಮಾಡಿದ್ದಾರೆ. ಬಸ್ಸಿನಲ್ಲಿ ಇವರಿಬ್ಬರು ಶಿವಮೊಗ್ಗ, ಚಿತ್ರದುರ್ಗ ಸೇರಿದಂತೆ ಹಲವೆಡೆ ಸುತ್ತಾಟ ನಡೆಸಿದ್ದಾರೆ. ಹೆಚ್ಎಎಲ್ ಪೊಲೀಸರು ಮಕ್ಕಳನ್ನು ಈಗ ಪೋಷಕರಿಗೆ ಒಪ್ಪಿಸುವಲ್ಲಿ ಯಶಸ್ವಿಯಾಗಿದ್ದಾರೆ.
ಮಗನ ಮೇಲೆ ಹಲ್ಲೆ
ತಾಯಿ, ಮಗನ ಮೇಲೆ ಹಲ್ಲೆ ನಡೆಸಿ ಪರಾರಿಯಾಗಿದ್ದು ಗ್ರಾಮದ ಜನರು ಠಾಣೆಗೆ ದೂರು ನೀಡಿದ್ದಾರೆ. ಈ ಬಗ್ಗೆ ಹಲಸೂರುಗೇಟ್ ಪೊಲೀಸ್ ಠಾಣೆಯಲ್ಲಿ ಪ್ರಕರಣ ದಾಖಲಾಗಿದೆ. ತಾಯಿ, ಮಗನ ಮೇಲೆ ಹಲ್ಲೆ ನಡೆಸಿ ಪರಾರಿಯಾಗಿದ್ದು ಗ್ರಾಮದ ಜನರು ಠಾಣೆಗೆ ದೂರು ನೀಡಿದ್ದಾರೆ. ಈ ಬಗ್ಗೆ ಹಲಸೂರುಗೇಟ್ ಪೊಲೀಸ್ ಠಾಣೆಯಲ್ಲಿ ಪ್ರಕರಣ ದಾಖಲಾಗಿದೆ. ತಾಯಿ, ಮಗನ ಮೇಲೆ ಹಲ್ಲೆ ನಡೆಸಿ ಪರಾರಿಯಾಗಿದ್ದು ಗ್ರಾಮದ ಜನರು ಠಾಣೆಗೆ ದೂರು ನೀಡಿದ್ದಾರೆ. ಈ ಬಗ್ಗೆ ಹಲಸೂರುಗೇಟ್ ಪೊಲೀಸ್ ಠಾಣೆಯಲ್ಲಿ ಪ್ರಕರಣ ದಾಖಲಾಗಿದೆ.
